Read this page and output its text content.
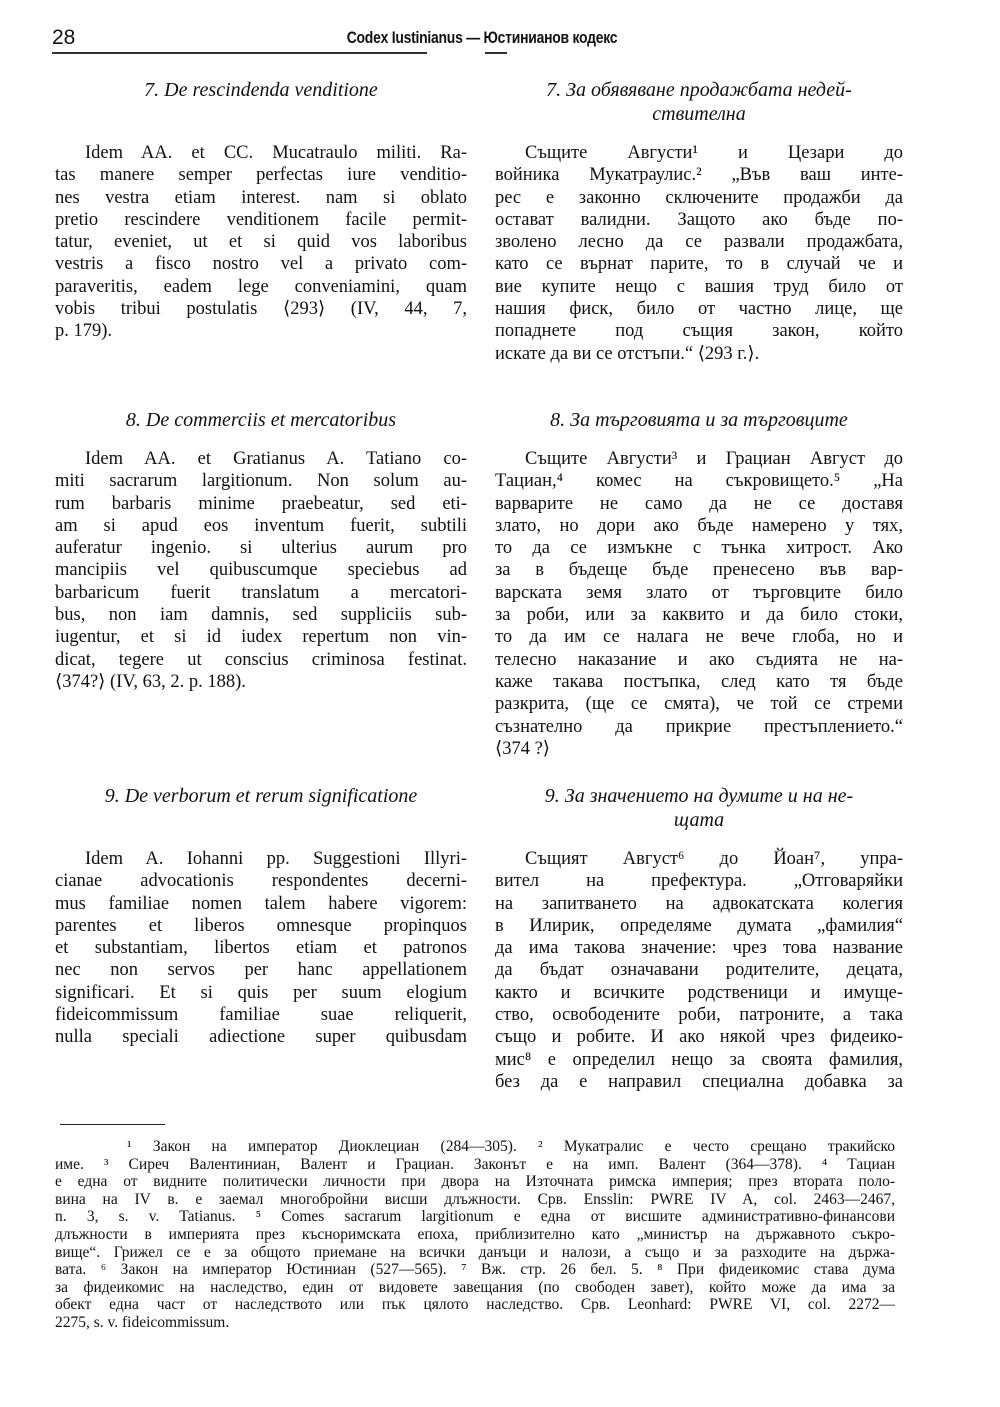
28	Codex Iustinianus — Юстинианов кодекс

7. De rescindenda venditione

Idem AA. et CC. Mucatraulo militi. Ra-
tas manere semper perfectas iure venditio-
nes vestra etiam interest. nam si oblato
pretio rescindere venditionem facile permit-
tatur, eveniet, ut et si quid vos laboribus
vestris a fisco nostro vel a privato com-
paraveritis, eadem lege conveniamini, quam
vobis tribui postulatis ⟨293⟩ (IV, 44, 7,
p. 179).

7. За обявяване продажбата недей-
ствителна

Същите Августи¹ и Цезари до
войника Мукатраулис.² „Във ваш инте-
рес е законно сключените продажби да
остават валидни. Защото ако бъде по-
зволено лесно да се развали продажбата,
като се върнат парите, то в случай че и
вие купите нещо с вашия труд било от
нашия фиск, било от частно лице, ще
попаднете под същия закон, който
искате да ви се отстъпи.“ ⟨293 г.⟩.

8. De commerciis et mercatoribus

Idem AA. et Gratianus A. Tatiano co-
miti sacrarum largitionum. Non solum au-
rum barbaris minime praebeatur, sed eti-
am si apud eos inventum fuerit, subtili
auferatur ingenio. si ulterius aurum pro
mancipiis vel quibuscumque speciebus ad
barbaricum fuerit translatum a mercatori-
bus, non iam damnis, sed suppliciis sub-
iugentur, et si id iudex repertum non vin-
dicat, tegere ut conscius criminosa festinat.
⟨374?⟩ (IV, 63, 2. p. 188).

8. За търговията и за търговците

Същите Августи³ и Грациан Август до
Тациан,⁴ комес на съкровището.⁵ „На
варварите не само да не се доставя
злато, но дори ако бъде намерено у тях,
то да се измъкне с тънка хитрост. Ако
за в бъдеще бъде пренесено във вар-
варската земя злато от търговците било
за роби, или за каквито и да било стоки,
то да им се налага не вече глоба, но и
телесно наказание и ако съдията не на-
каже такава постъпка, след като тя бъде
разкрита, (ще се смята), че той се стреми
съзнателно да прикрие престъплението.“
⟨374 ?⟩

9. De verborum et rerum significatione

Idem A. Iohanni pp. Suggestioni Illyri-
cianae advocationis respondentes decerni-
mus familiae nomen talem habere vigorem:
parentes et liberos omnesque propinquos
et substantiam, libertos etiam et patronos
nec non servos per hanc appellationem
significari. Et si quis per suum elogium
fideicommissum familiae suae reliquerit,
nulla speciali adiectione super quibusdam

9. За значението на думите и на не-
щата

Същият Август⁶ до Йоан⁷, упра-
вител на префектура. „Отговаряйки
на запитването на адвокатската колегия
в Илирик, определяме думата „фамилия“
да има такова значение: чрез това название
да бъдат означавани родителите, децата,
както и всичките родственици и имуще-
ство, освободените роби, патроните, а така
също и робите. И ако някой чрез фидеико-
мис⁸ е определил нещо за своята фамилия,
без да е направил специална добавка за

¹ Закон на император Диоклециан (284—305). ² Мукатралис е често срещано тракийско
име. ³ Сиреч Валентиниан, Валент и Грациан. Законът е на имп. Валент (364—378). ⁴ Тациан
е една от видните политически личности при двора на Източната римска империя; през втората поло-
вина на IV в. е заемал многобройни висши длъжности. Срв. Ensslin: PWRE IV A, col. 2463—2467,
n. 3, s. v. Tatianus. ⁵ Comes sacrarum largitionum е една от висшите административно-финансови
длъжности в империята през къснoримската епоха, приблизително като „министър на държавното съкро-
вище“. Грижел се е за общото приемане на всички данъци и налози, а също и за разходите на държа-
вата. ⁶ Закон на император Юстиниан (527—565). ⁷ Вж. стр. 26 бел. 5. ⁸ При фидеикомис става дума
за фидеикомис на наследство, един от видовете завещания (по свободен завет), който може да има за
обект една част от наследството или пък цялото наследство. Срв. Leonhard: PWRE VI, col. 2272—
2275, s. v. fideicommissum.
